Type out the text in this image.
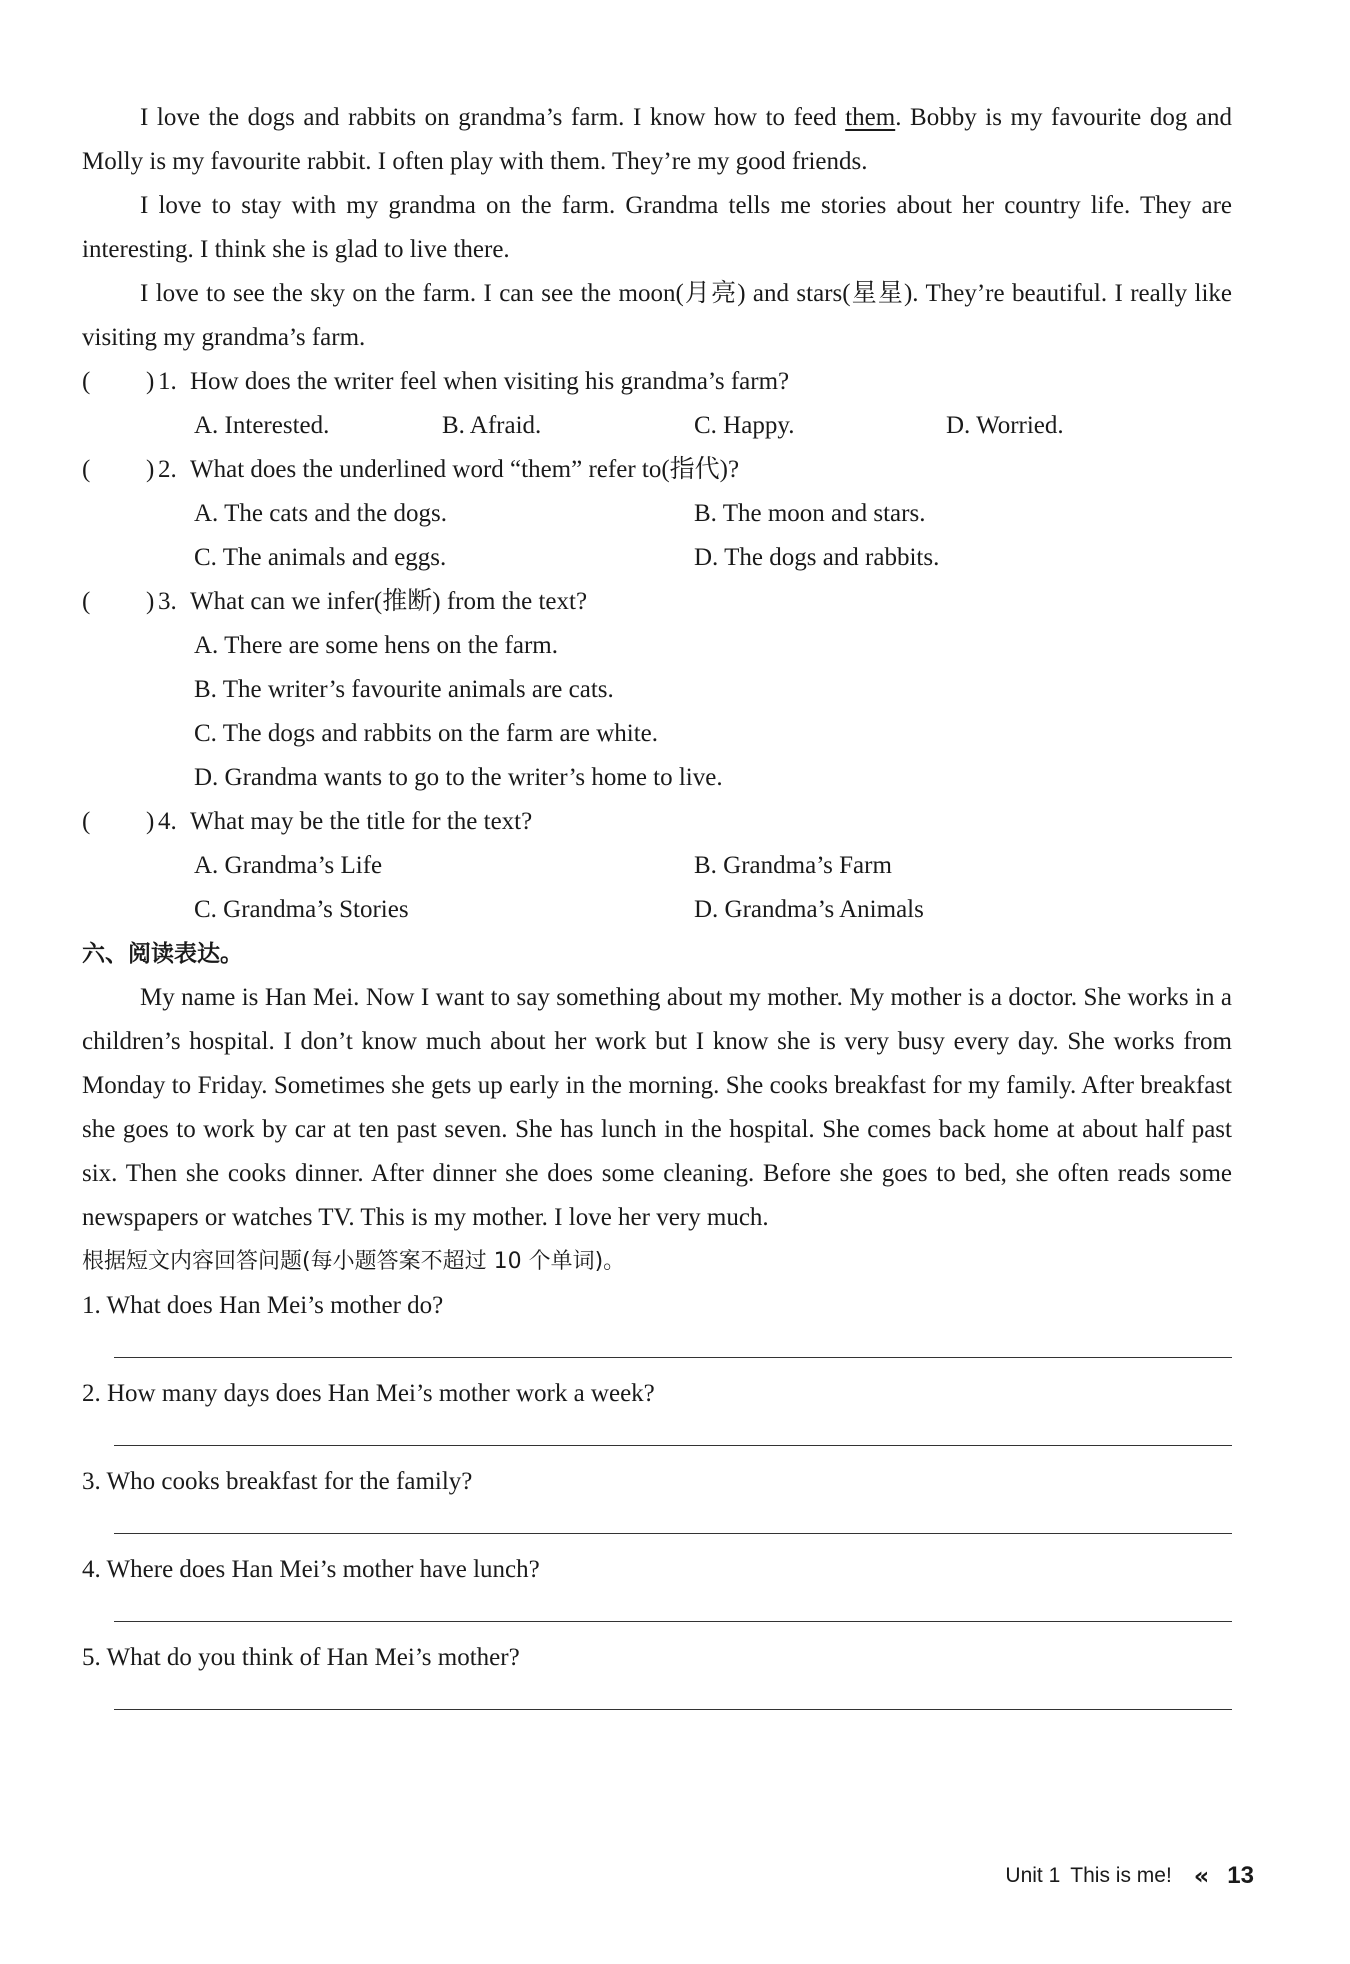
I love the dogs and rabbits on grandma’s farm. I know how to feed them. Bobby is my favourite dog and Molly is my favourite rabbit. I often play with them. They’re my good friends.

I love to stay with my grandma on the farm. Grandma tells me stories about her country life. They are interesting. I think she is glad to live there.

I love to see the sky on the farm. I can see the moon(月亮) and stars(星星). They’re beautiful. I really like visiting my grandma’s farm.

( ) 1. How does the writer feel when visiting his grandma’s farm?
A. Interested.	B. Afraid.	C. Happy.	D. Worried.
( ) 2. What does the underlined word “them” refer to(指代)?
A. The cats and the dogs.	B. The moon and stars.
C. The animals and eggs.	D. The dogs and rabbits.
( ) 3. What can we infer(推断) from the text?
A. There are some hens on the farm.
B. The writer’s favourite animals are cats.
C. The dogs and rabbits on the farm are white.
D. Grandma wants to go to the writer’s home to live.
( ) 4. What may be the title for the text?
A. Grandma’s Life	B. Grandma’s Farm
C. Grandma’s Stories	D. Grandma’s Animals
六、阅读表达。

My name is Han Mei. Now I want to say something about my mother. My mother is a doctor. She works in a children’s hospital. I don’t know much about her work but I know she is very busy every day. She works from Monday to Friday. Sometimes she gets up early in the morning. She cooks breakfast for my family. After breakfast she goes to work by car at ten past seven. She has lunch in the hospital. She comes back home at about half past six. Then she cooks dinner. After dinner she does some cleaning. Before she goes to bed, she often reads some newspapers or watches TV. This is my mother. I love her very much.

根据短文内容回答问题(每小题答案不超过 10 个单词)。
1. What does Han Mei’s mother do?
2. How many days does Han Mei’s mother work a week?
3. Who cooks breakfast for the family?
4. Where does Han Mei’s mother have lunch?
5. What do you think of Han Mei’s mother?
Unit 1 This is me! « 13
